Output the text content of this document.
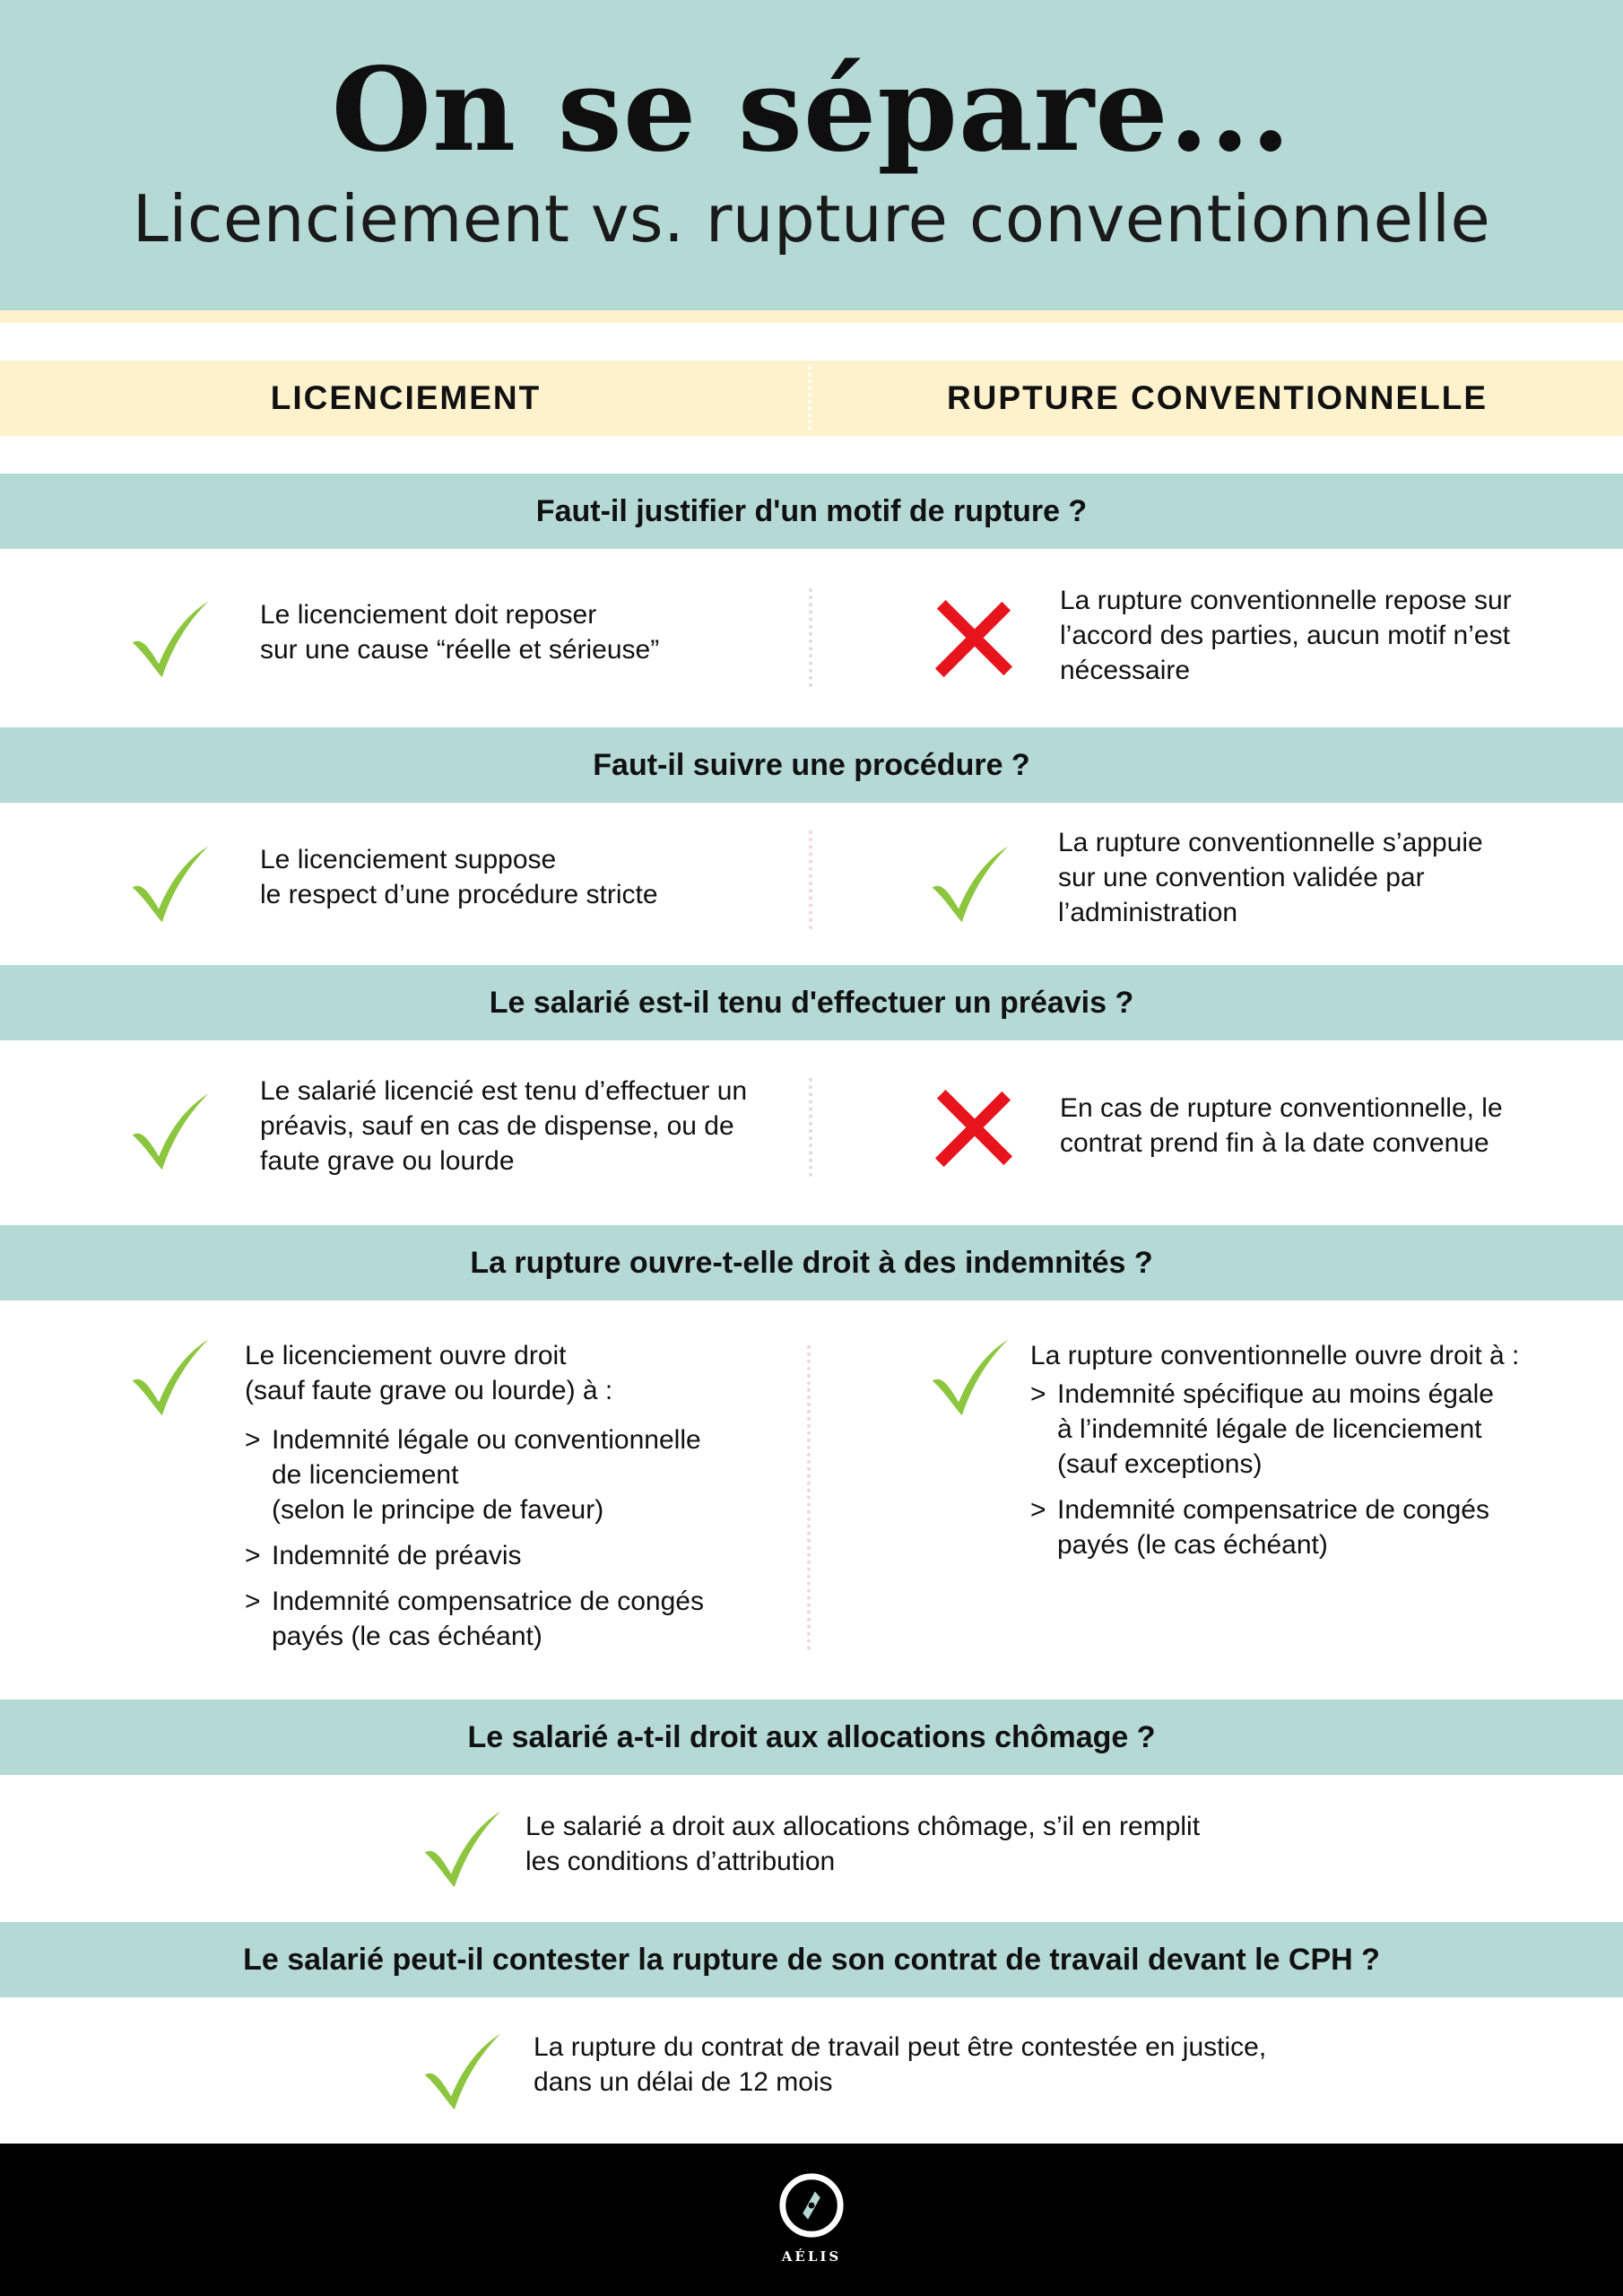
On se sépare...
Licenciement vs. rupture conventionnelle
LICENCIEMENT	RUPTURE CONVENTIONNELLE
Faut-il justifier d'un motif de rupture ?
Le licenciement doit reposer
sur une cause “réelle et sérieuse”
La rupture conventionnelle repose sur
l’accord des parties, aucun motif n’est
nécessaire
Faut-il suivre une procédure ?
Le licenciement suppose
le respect d’une procédure stricte
La rupture conventionnelle s’appuie
sur une convention validée par
l’administration
Le salarié est-il tenu d'effectuer un préavis ?
Le salarié licencié est tenu d’effectuer un
préavis, sauf en cas de dispense, ou de
faute grave ou lourde
En cas de rupture conventionnelle, le
contrat prend fin à la date convenue
La rupture ouvre-t-elle droit à des indemnités ?
Le licenciement ouvre droit
(sauf faute grave ou lourde) à :
> Indemnité légale ou conventionnelle
de licenciement
(selon le principe de faveur)
> Indemnité de préavis
> Indemnité compensatrice de congés
payés (le cas échéant)
La rupture conventionnelle ouvre droit à :
> Indemnité spécifique au moins égale
à l’indemnité légale de licenciement
(sauf exceptions)
> Indemnité compensatrice de congés
payés (le cas échéant)
Le salarié a-t-il droit aux allocations chômage ?
Le salarié a droit aux allocations chômage, s’il en remplit
les conditions d’attribution
Le salarié peut-il contester la rupture de son contrat de travail devant le CPH ?
La rupture du contrat de travail peut être contestée en justice,
dans un délai de 12 mois
AÉLIS
